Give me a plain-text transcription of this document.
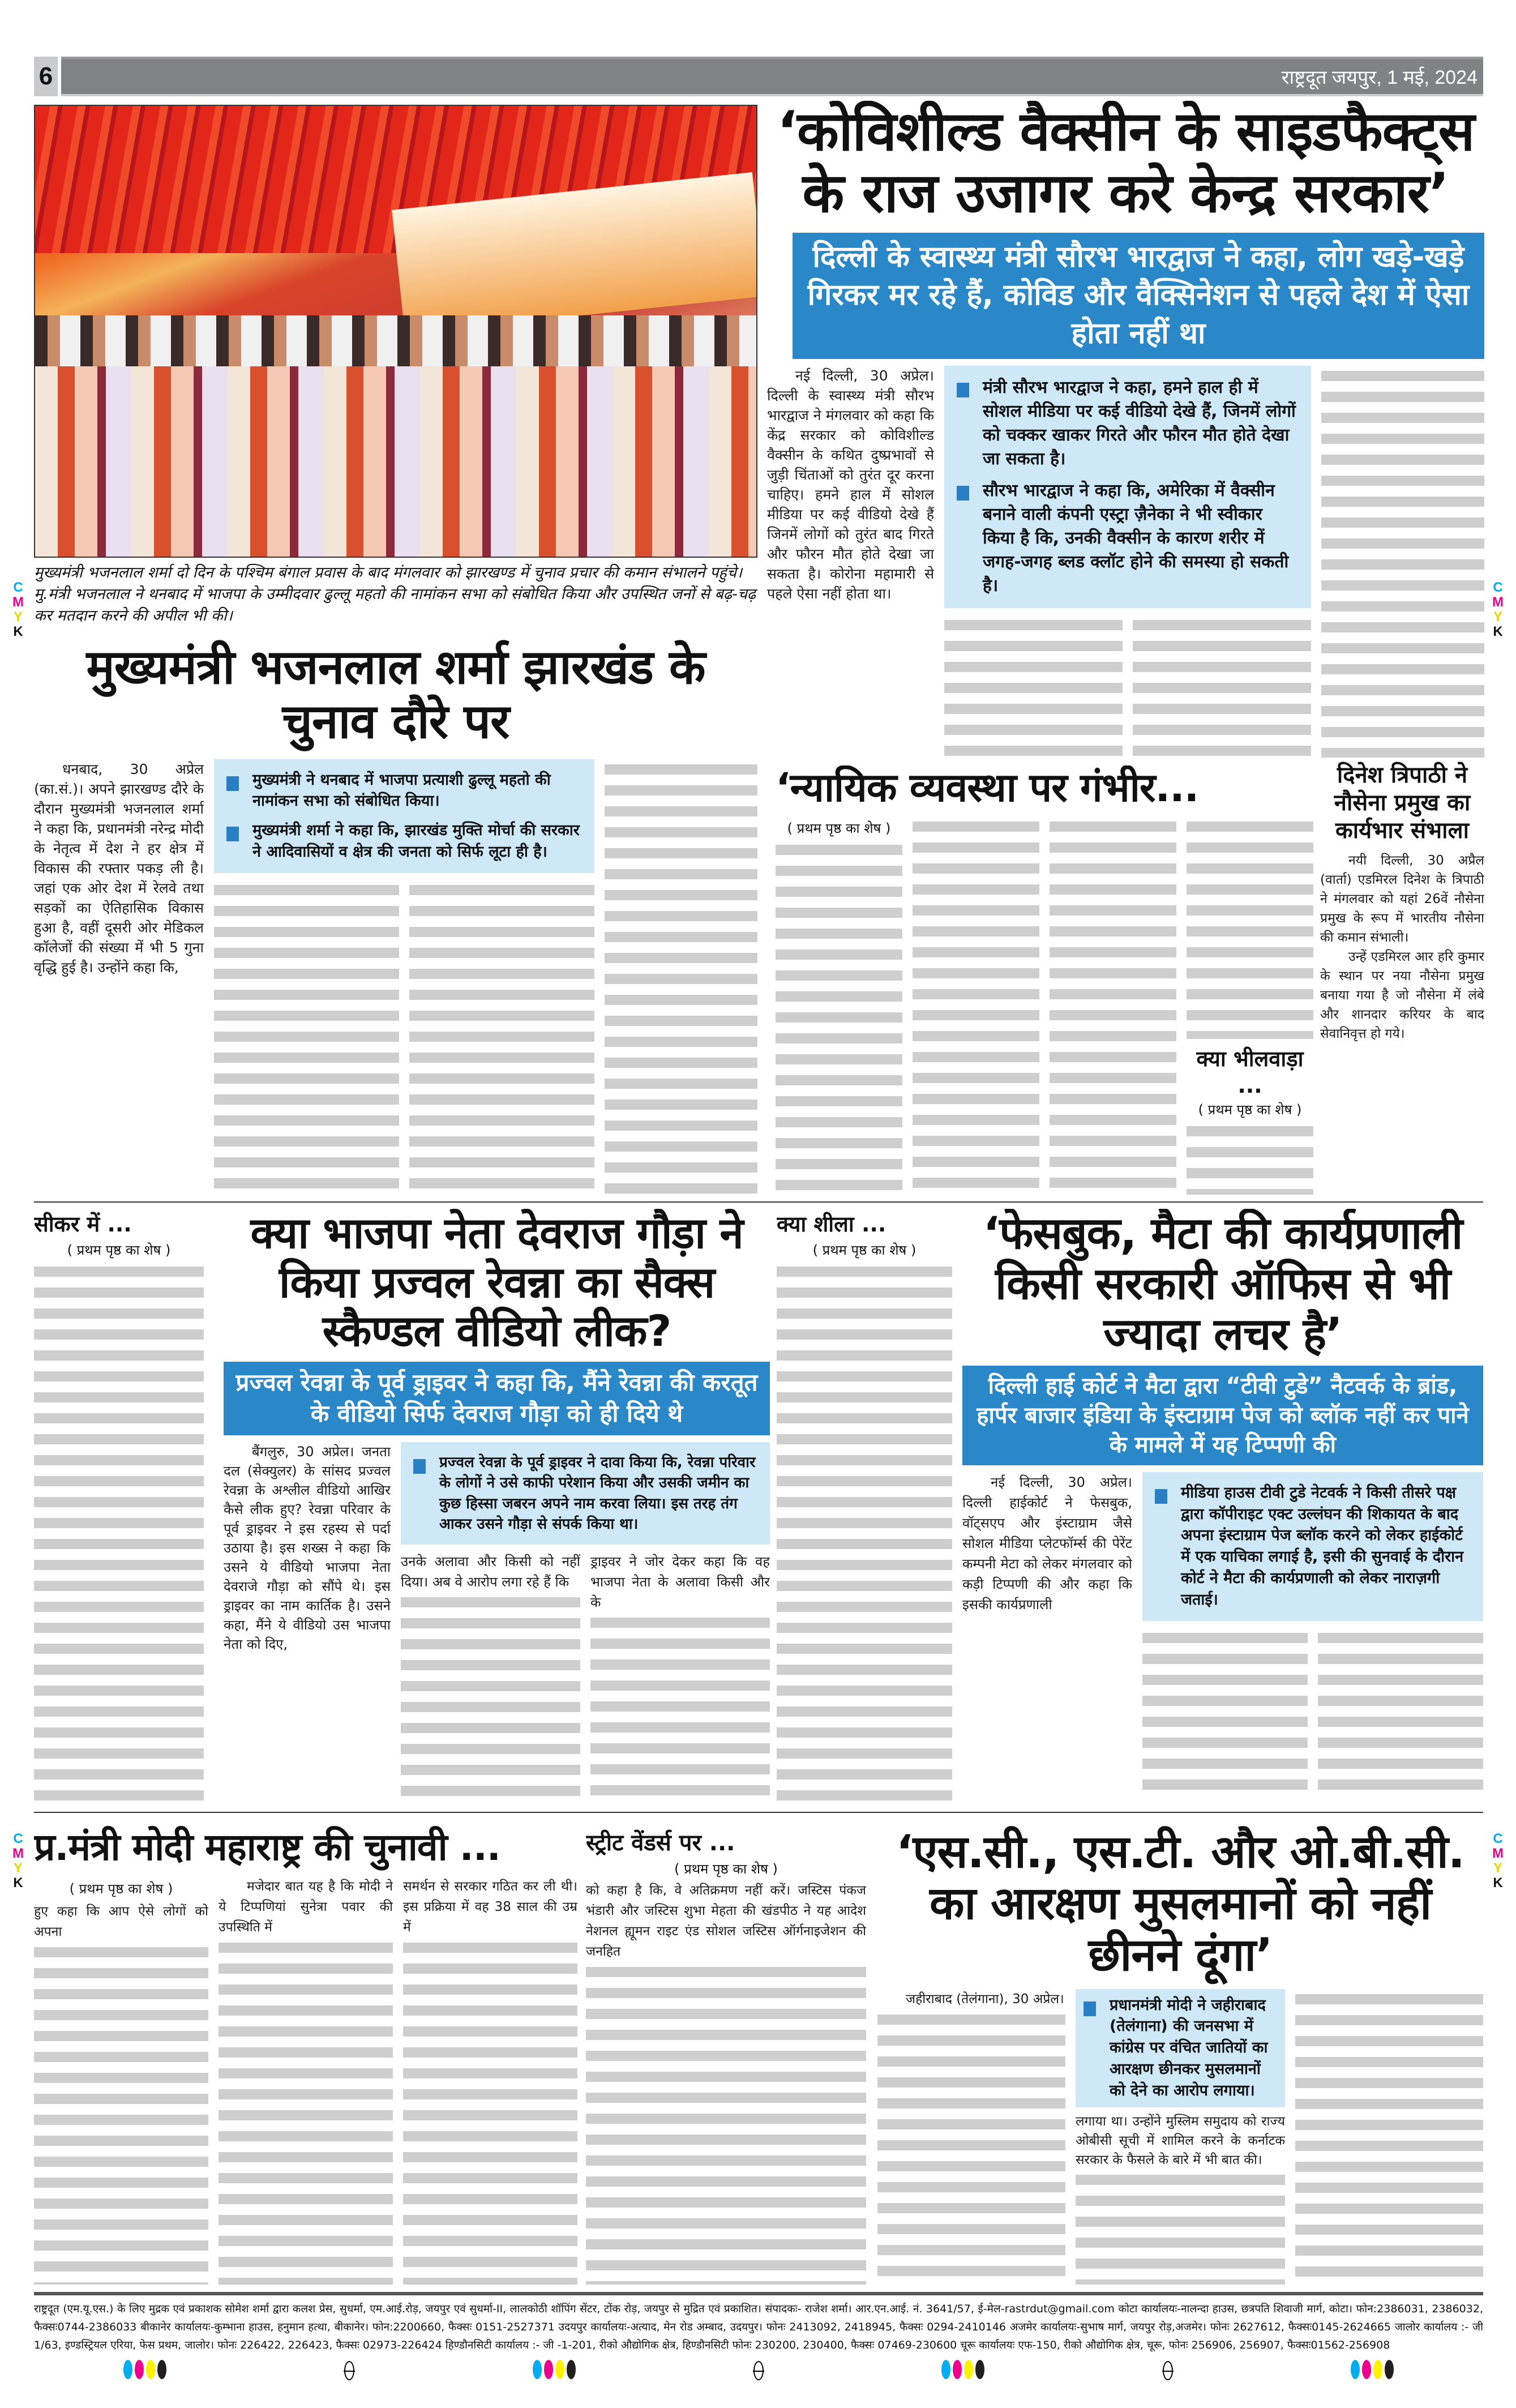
6	राष्ट्रदूत जयपुर, 1 मई, 2024
C
M
Y
K
C
M
Y
K
C
M
Y
K
C
M
Y
K
मुख्यमंत्री भजनलाल शर्मा दो दिन के पश्चिम बंगाल प्रवास के बाद मंगलवार को झारखण्ड में चुनाव प्रचार की कमान संभालने पहुंचे। मु.मंत्री भजनलाल ने थनबाद में भाजपा के उम्मीदवार ढुल्लू महतो की नामांकन सभा को संबोधित किया और उपस्थित जनों से बढ़-चढ़ कर मतदान करने की अपील भी की।
मुख्यमंत्री भजनलाल शर्मा झारखंड के चुनाव दौरे पर

धनबाद, 30 अप्रेल (का.सं.)। अपने झारखण्ड दौरे के दौरान मुख्यमंत्री भजनलाल शर्मा ने कहा कि, प्रधानमंत्री नरेन्द्र मोदी के नेतृत्व में देश ने हर क्षेत्र में विकास की रफ्तार पकड़ ली है। जहां एक ओर देश में रेलवे तथा सड़कों का ऐतिहासिक विकास हुआ है, वहीं दूसरी ओर मेडिकल कॉलेजों की संख्या में भी 5 गुना वृद्धि हुई है। उन्होंने कहा कि,

मुख्यमंत्री ने थनबाद में भाजपा प्रत्याशी ढुल्लू महतो की नामांकन सभा को संबोधित किया।
मुख्यमंत्री शर्मा ने कहा कि, झारखंड मुक्ति मोर्चा की सरकार ने आदिवासियों व क्षेत्र की जनता को सिर्फ लूटा ही है।
‘कोविशील्ड वैक्सीन के साइडफैक्ट्स के राज उजागर करे केन्द्र सरकार’
दिल्ली के स्वास्थ्य मंत्री सौरभ भारद्वाज ने कहा, लोग खड़े-खड़े गिरकर मर रहे हैं, कोविड और वैक्सिनेशन से पहले देश में ऐसा होता नहीं था

नई दिल्ली, 30 अप्रेल। दिल्ली के स्वास्थ्य मंत्री सौरभ भारद्वाज ने मंगलवार को कहा कि केंद्र सरकार को कोविशील्ड वैक्सीन के कथित दुष्प्रभावों से जुड़ी चिंताओं को तुरंत दूर करना चाहिए। हमने हाल में सोशल मीडिया पर कई वीडियो देखे हैं जिनमें लोगों को तुरंत बाद गिरते और फौरन मौत होते देखा जा सकता है। कोरोना महामारी से पहले ऐसा नहीं होता था।

मंत्री सौरभ भारद्वाज ने कहा, हमने हाल ही में सोशल मीडिया पर कई वीडियो देखे हैं, जिनमें लोगों को चक्कर खाकर गिरते और फौरन मौत होते देखा जा सकता है।
सौरभ भारद्वाज ने कहा कि, अमेरिका में वैक्सीन बनाने वाली कंपनी एस्ट्रा ज़ैनेका ने भी स्वीकार किया है कि, उनकी वैक्सीन के कारण शरीर में जगह-जगह ब्लड क्लॉट होने की समस्या हो सकती है।
‘न्यायिक व्यवस्था पर गंभीर...
( प्रथम पृष्ठ का शेष )
क्या भीलवाड़ा ...
( प्रथम पृष्ठ का शेष )
दिनेश त्रिपाठी ने नौसेना प्रमुख का कार्यभार संभाला

नयी दिल्ली, 30 अप्रैल (वार्ता) एडमिरल दिनेश के त्रिपाठी ने मंगलवार को यहां 26वें नौसेना प्रमुख के रूप में भारतीय नौसेना की कमान संभाली।

उन्हें एडमिरल आर हरि कुमार के स्थान पर नया नौसेना प्रमुख बनाया गया है जो नौसेना में लंबे और शानदार करियर के बाद सेवानिवृत्त हो गये।

सीकर में ...
( प्रथम पृष्ठ का शेष )	क्या भाजपा नेता देवराज गौड़ा ने किया प्रज्वल रेवन्ना का सैक्स स्कैण्डल वीडियो लीक?
प्रज्वल रेवन्ना के पूर्व ड्राइवर ने कहा कि, मैंने रेवन्ना की करतूत के वीडियो सिर्फ देवराज गौड़ा को ही दिये थे

बैंगलुरु, 30 अप्रेल। जनता दल (सेक्युलर) के सांसद प्रज्वल रेवन्ना के अश्लील वीडियो आखिर कैसे लीक हुए? रेवन्ना परिवार के पूर्व ड्राइवर ने इस रहस्य से पर्दा उठाया है। इस शख्स ने कहा कि उसने ये वीडियो भाजपा नेता देवराजे गौड़ा को सौंपे थे। इस ड्राइवर का नाम कार्तिक है। उसने कहा, मैंने ये वीडियो उस भाजपा नेता को दिए,

प्रज्वल रेवन्ना के पूर्व ड्राइवर ने दावा किया कि, रेवन्ना परिवार के लोगों ने उसे काफी परेशान किया और उसकी जमीन का कुछ हिस्सा जबरन अपने नाम करवा लिया। इस तरह तंग आकर उसने गौड़ा से संपर्क किया था।
उनके अलावा और किसी को नहीं दिया। अब वे आरोप लगा रहे हैं कि
ड्राइवर ने जोर देकर कहा कि वह भाजपा नेता के अलावा किसी और के
क्या शीला ...
( प्रथम पृष्ठ का शेष )	‘फेसबुक, मैटा की कार्यप्रणाली किसी सरकारी ऑफिस से भी ज्यादा लचर है’
दिल्ली हाई कोर्ट ने मैटा द्वारा “टीवी टुडे” नैटवर्क के ब्रांड, हार्पर बाजार इंडिया के इंस्टाग्राम पेज को ब्लॉक नहीं कर पाने के मामले में यह टिप्पणी की

नई दिल्ली, 30 अप्रेल। दिल्ली हाईकोर्ट ने फेसबुक, वॉट्सएप और इंस्टाग्राम जैसे सोशल मीडिया प्लेटफॉर्म्स की पेरेंट कम्पनी मेटा को लेकर मंगलवार को कड़ी टिप्पणी की और कहा कि इसकी कार्यप्रणाली

मीडिया हाउस टीवी टुडे नेटवर्क ने किसी तीसरे पक्ष द्वारा कॉपीराइट एक्ट उल्लंघन की शिकायत के बाद अपना इंस्टाग्राम पेज ब्लॉक करने को लेकर हाईकोर्ट में एक याचिका लगाई है, इसी की सुनवाई के दौरान कोर्ट ने मैटा की कार्यप्रणाली को लेकर नाराज़गी जताई।
प्र.मंत्री मोदी महाराष्ट्र की चुनावी ...
( प्रथम पृष्ठ का शेष )
हुए कहा कि आप ऐसे लोगों को अपना

मजेदार बात यह है कि मोदी ने ये टिप्पणियां सुनेत्रा पवार की उपस्थिति में

समर्थन से सरकार गठित कर ली थी। इस प्रक्रिया में वह 38 साल की उम्र में
स्ट्रीट वेंडर्स पर ...
( प्रथम पृष्ठ का शेष )
को कहा है कि, वे अतिक्रमण नहीं करें। जस्टिस पंकज भंडारी और जस्टिस शुभा मेहता की खंडपीठ ने यह आदेश नेशनल ह्यूमन राइट एंड सोशल जस्टिस ऑर्गनाइजेशन की जनहित
‘एस.सी., एस.टी. और ओ.बी.सी. का आरक्षण मुसलमानों को नहीं छीनने दूंगा’

जहीराबाद (तेलंगाना), 30 अप्रेल।	प्रधानमंत्री मोदी ने जहीराबाद (तेलंगाना) की जनसभा में कांग्रेस पर वंचित जातियों का आरक्षण छीनकर मुसलमानों को देने का आरोप लगाया।
लगाया था। उन्होंने मुस्लिम समुदाय को राज्य ओबीसी सूची में शामिल करने के कर्नाटक सरकार के फैसले के बारे में भी बात की।
राष्ट्रदूत (एम.यू.एस.) के लिए मुद्रक एवं प्रकाशक सोमेश शर्मा द्वारा कलश प्रेस, सुधर्मा, एम.आई.रोड़, जयपुर एवं सुधर्मा-II, लालकोठी शॉपिंग सेंटर, टोंक रोड़, जयपुर से मुद्रित एवं प्रकाशित। संपादकः- राजेश शर्मा। आर.एन.आई. नं. 3641/57, ई-मेल-rastrdut@gmail.com कोटा कार्यालयः-नालन्दा हाउस, छत्रपति शिवाजी मार्ग, कोटा। फोन:2386031, 2386032, फैक्सः0744-2386033 बीकानेर कार्यालयः-कुम्भाना हाउस, हनुमान हत्था, बीकानेर। फोन:2200660, फैक्सः 0151-2527371 उदयपुर कार्यालयः-अत्याद, मेन रोड अम्बाद, उदयपुर। फोनः 2413092, 2418945, फैक्सः 0294-2410146 अजमेर कार्यालयः-सुभाष मार्ग, जयपुर रोड़,अजमेर। फोनः 2627612, फैक्सः0145-2624665 जालोर कार्यालय :- जी 1/63, इण्डस्ट्रियल एरिया, फेस प्रथम, जालोर। फोनः 226422, 226423, फैक्सः 02973-226424 हिण्डौनसिटी कार्यालय :- जी -1-201, रीको औद्योगिक क्षेत्र, हिण्डौनसिटी फोनः 230200, 230400, फैक्सः 07469-230600 चूरू कार्यालयः एफ-150, रीको औद्योगिक क्षेत्र, चूरू, फोनः 256906, 256907, फैक्सः01562-256908
